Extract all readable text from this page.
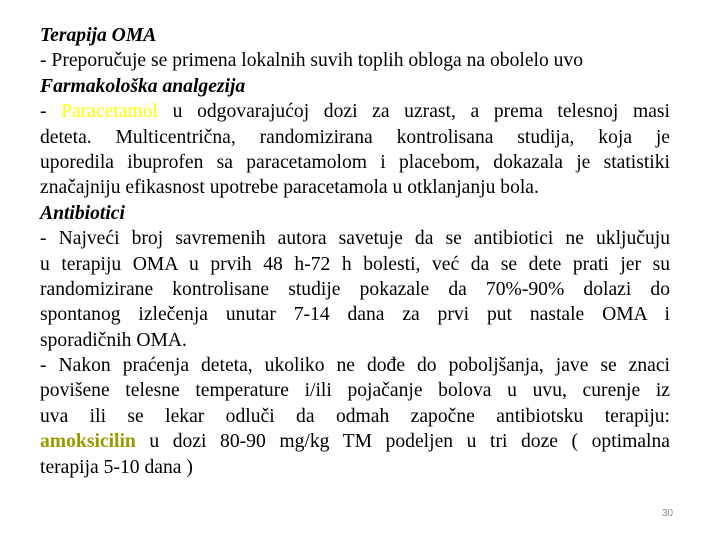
Terapija OMA
- Preporučuje se primena lokalnih suvih toplih obloga na obolelo uvo
Farmakološka analgezija
- Paracetamol u odgovarajućoj dozi za uzrast, a prema telesnoj masi
deteta. Multicentrična, randomizirana kontrolisana studija, koja je
uporedila ibuprofen sa paracetamolom i placebom, dokazala je statistiki
značajniju efikasnost upotrebe paracetamola u otklanjanju bola.
Antibiotici
- Najveći broj savremenih autora savetuje da se antibiotici ne uključuju
u terapiju OMA u prvih 48 h-72 h bolesti, već da se dete prati jer su
randomizirane kontrolisane studije pokazale da 70%-90% dolazi do
spontanog izlečenja unutar 7-14 dana za prvi put nastale OMA i
sporadičnih OMA.
- Nakon praćenja deteta, ukoliko ne dođe do poboljšanja, jave se znaci
povišene telesne temperature i/ili pojačanje bolova u uvu, curenje iz
uva ili se lekar odluči da odmah započne antibiotsku terapiju:
amoksicilin u dozi 80-90 mg/kg TM podeljen u tri doze ( optimalna
terapija 5-10 dana )
30
